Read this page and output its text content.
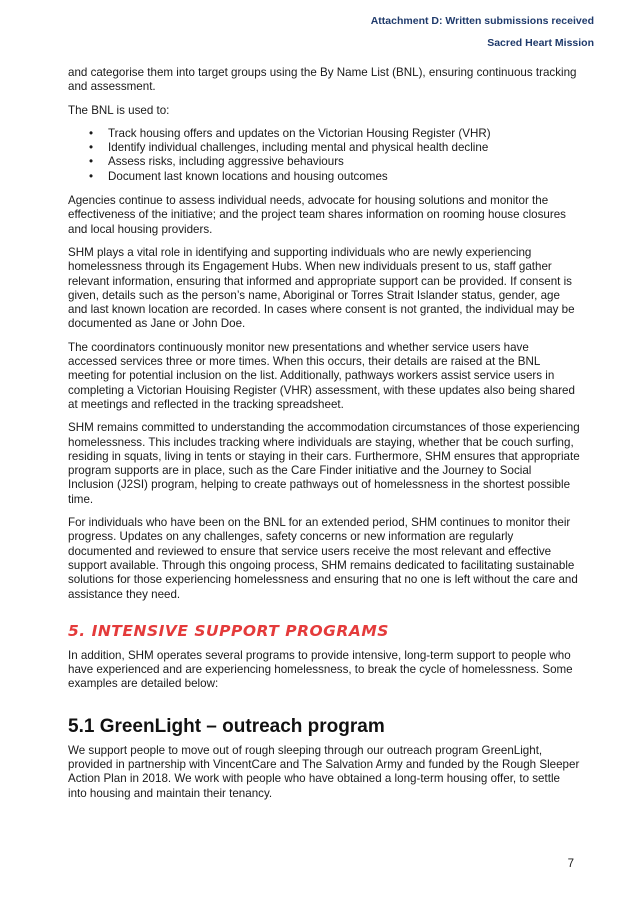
Attachment D: Written submissions received
Sacred Heart Mission

and categorise them into target groups using the By Name List (BNL), ensuring continuous tracking and assessment.

The BNL is used to:

• Track housing offers and updates on the Victorian Housing Register (VHR)
• Identify individual challenges, including mental and physical health decline
• Assess risks, including aggressive behaviours
• Document last known locations and housing outcomes

Agencies continue to assess individual needs, advocate for housing solutions and monitor the effectiveness of the initiative; and the project team shares information on rooming house closures and local housing providers.

SHM plays a vital role in identifying and supporting individuals who are newly experiencing homelessness through its Engagement Hubs. When new individuals present to us, staff gather relevant information, ensuring that informed and appropriate support can be provided. If consent is given, details such as the person’s name, Aboriginal or Torres Strait Islander status, gender, age and last known location are recorded. In cases where consent is not granted, the individual may be documented as Jane or John Doe.

The coordinators continuously monitor new presentations and whether service users have accessed services three or more times. When this occurs, their details are raised at the BNL meeting for potential inclusion on the list. Additionally, pathways workers assist service users in completing a Victorian Houising Register (VHR) assessment, with these updates also being shared at meetings and reflected in the tracking spreadsheet.

SHM remains committed to understanding the accommodation circumstances of those experiencing homelessness. This includes tracking where individuals are staying, whether that be couch surfing, residing in squats, living in tents or staying in their cars. Furthermore, SHM ensures that appropriate program supports are in place, such as the Care Finder initiative and the Journey to Social Inclusion (J2SI) program, helping to create pathways out of homelessness in the shortest possible time.

For individuals who have been on the BNL for an extended period, SHM continues to monitor their progress. Updates on any challenges, safety concerns or new information are regularly documented and reviewed to ensure that service users receive the most relevant and effective support available. Through this ongoing process, SHM remains dedicated to facilitating sustainable solutions for those experiencing homelessness and ensuring that no one is left without the care and assistance they need.

5. INTENSIVE SUPPORT PROGRAMS

In addition, SHM operates several programs to provide intensive, long-term support to people who have experienced and are experiencing homelessness, to break the cycle of homelessness. Some examples are detailed below:

5.1 GreenLight – outreach program

We support people to move out of rough sleeping through our outreach program GreenLight, provided in partnership with VincentCare and The Salvation Army and funded by the Rough Sleeper Action Plan in 2018. We work with people who have obtained a long-term housing offer, to settle into housing and maintain their tenancy.

7
